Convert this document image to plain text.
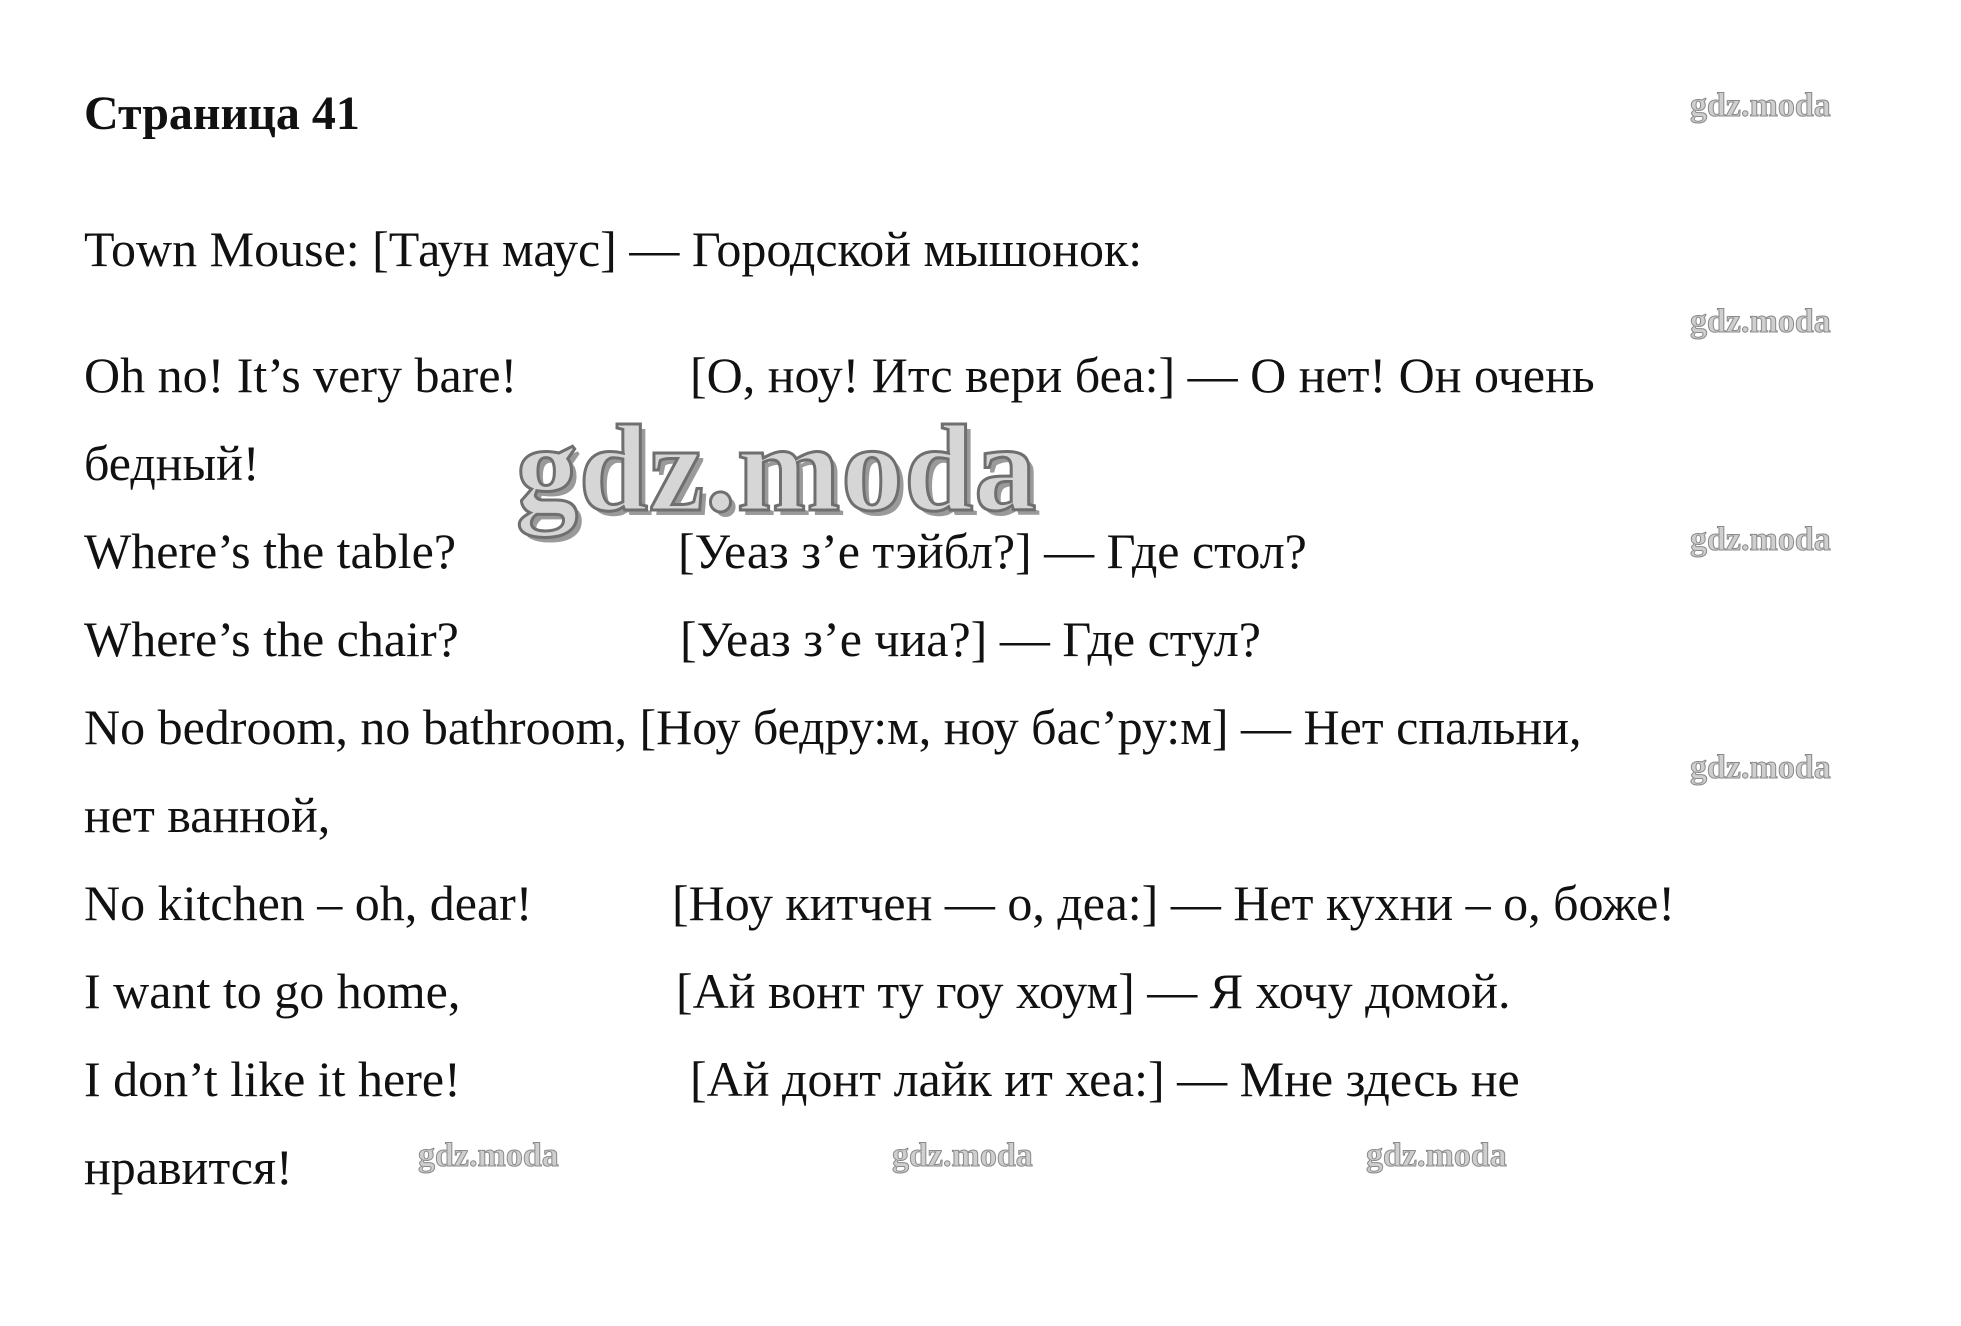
Страница 41
Town Mouse: [Таун маус] — Городской мышонок:
Oh no! It’s very bare!	[О, ноу! Итс вери беа:] — О нет! Он очень
бедный!
Where’s the table?	[Уеаз з’е тэйбл?] — Где стол?
Where’s the chair?	[Уеаз з’е чиа?] — Где стул?
No bedroom, no bathroom, [Ноу бедру:м, ноу бас’ру:м] — Нет спальни,
нет ванной,
No kitchen – oh, dear!	[Ноу китчен — о, деа:] — Нет кухни – о, боже!
I want to go home,	[Ай вонт ту гоу хоум] — Я хочу домой.
I don’t like it here!	[Ай донт лайк ит хеа:] — Мне здесь не
нравится!
gdz.moda
gdz.moda
gdz.moda
gdz.moda
gdz.moda	gdz.moda	gdz.moda
gdz.moda
